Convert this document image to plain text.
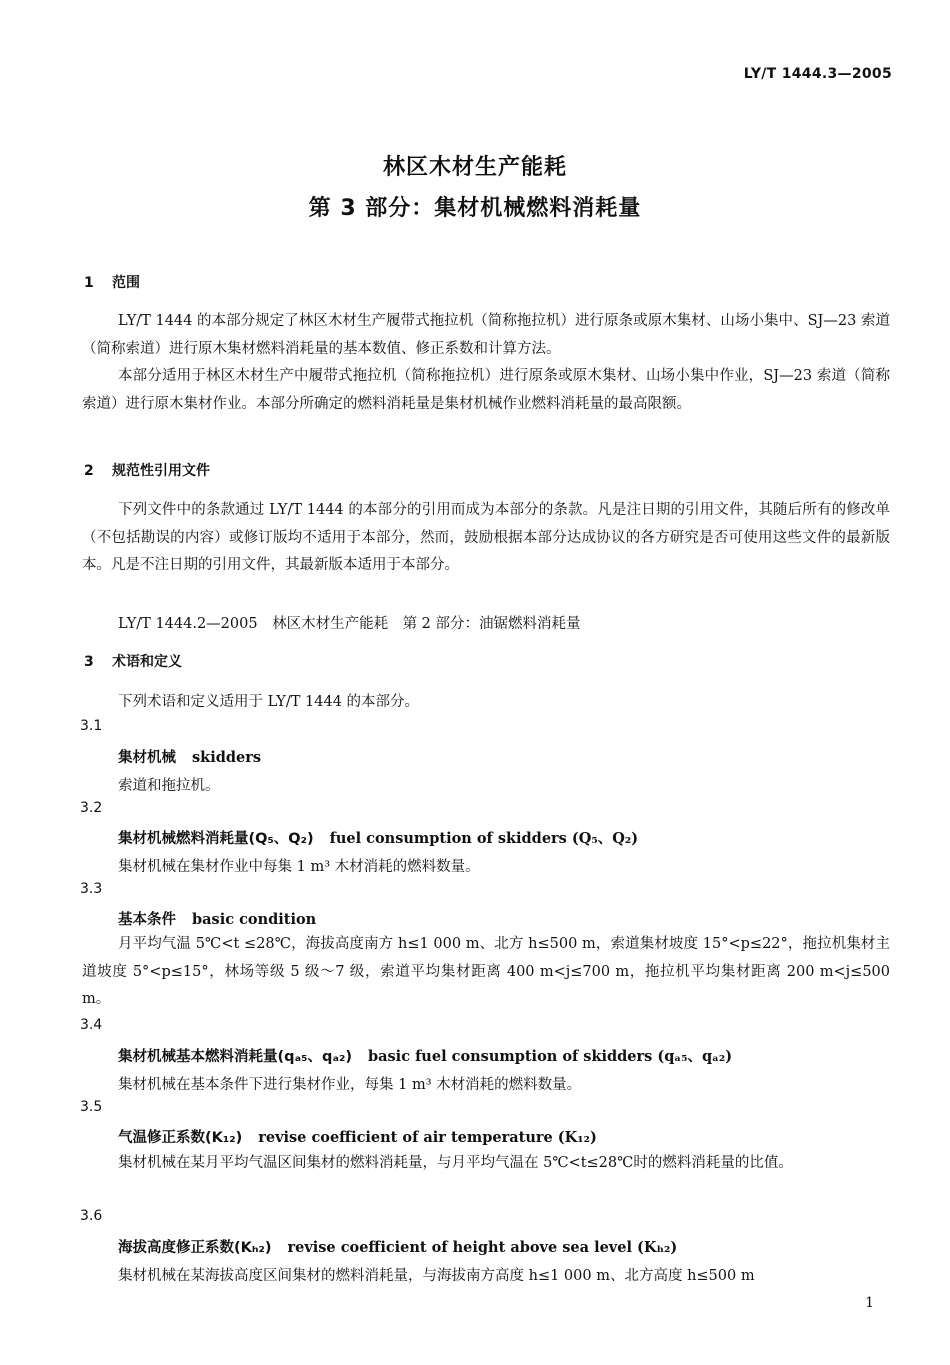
LY/T 1444.3—2005
林区木材生产能耗
第 3 部分：集材机械燃料消耗量
1 范围
LY/T 1444 的本部分规定了林区木材生产履带式拖拉机（简称拖拉机）进行原条或原木集材、山场小集中、SJ—23 索道（简称索道）进行原木集材燃料消耗量的基本数值、修正系数和计算方法。
本部分适用于林区木材生产中履带式拖拉机（简称拖拉机）进行原条或原木集材、山场小集中作业，SJ—23 索道（简称索道）进行原木集材作业。本部分所确定的燃料消耗量是集材机械作业燃料消耗量的最高限额。
2 规范性引用文件
下列文件中的条款通过 LY/T 1444 的本部分的引用而成为本部分的条款。凡是注日期的引用文件，其随后所有的修改单（不包括勘误的内容）或修订版均不适用于本部分，然而，鼓励根据本部分达成协议的各方研究是否可使用这些文件的最新版本。凡是不注日期的引用文件，其最新版本适用于本部分。
LY/T 1444.2—2005　林区木材生产能耗　第 2 部分：油锯燃料消耗量
3 术语和定义
下列术语和定义适用于 LY/T 1444 的本部分。
3.1
集材机械 skidders
索道和拖拉机。
3.2
集材机械燃料消耗量(Q₅、Q₂) fuel consumption of skidders (Q₅、Q₂)
集材机械在集材作业中每集 1 m³ 木材消耗的燃料数量。
3.3
基本条件 basic condition
月平均气温 5℃<t ≤28℃，海拔高度南方 h≤1 000 m、北方 h≤500 m，索道集材坡度 15°<p≤22°，拖拉机集材主道坡度 5°<p≤15°，林场等级 5 级～7 级，索道平均集材距离 400 m<j≤700 m，拖拉机平均集材距离 200 m<j≤500 m。
3.4
集材机械基本燃料消耗量(qₐ₅、qₐ₂) basic fuel consumption of skidders (qₐ₅、qₐ₂)
集材机械在基本条件下进行集材作业，每集 1 m³ 木材消耗的燃料数量。
3.5
气温修正系数(K₁₂) revise coefficient of air temperature (K₁₂)
集材机械在某月平均气温区间集材的燃料消耗量，与月平均气温在 5℃<t≤28℃时的燃料消耗量的比值。
3.6
海拔高度修正系数(Kₕ₂) revise coefficient of height above sea level (Kₕ₂)
集材机械在某海拔高度区间集材的燃料消耗量，与海拔南方高度 h≤1 000 m、北方高度 h≤500 m
1
